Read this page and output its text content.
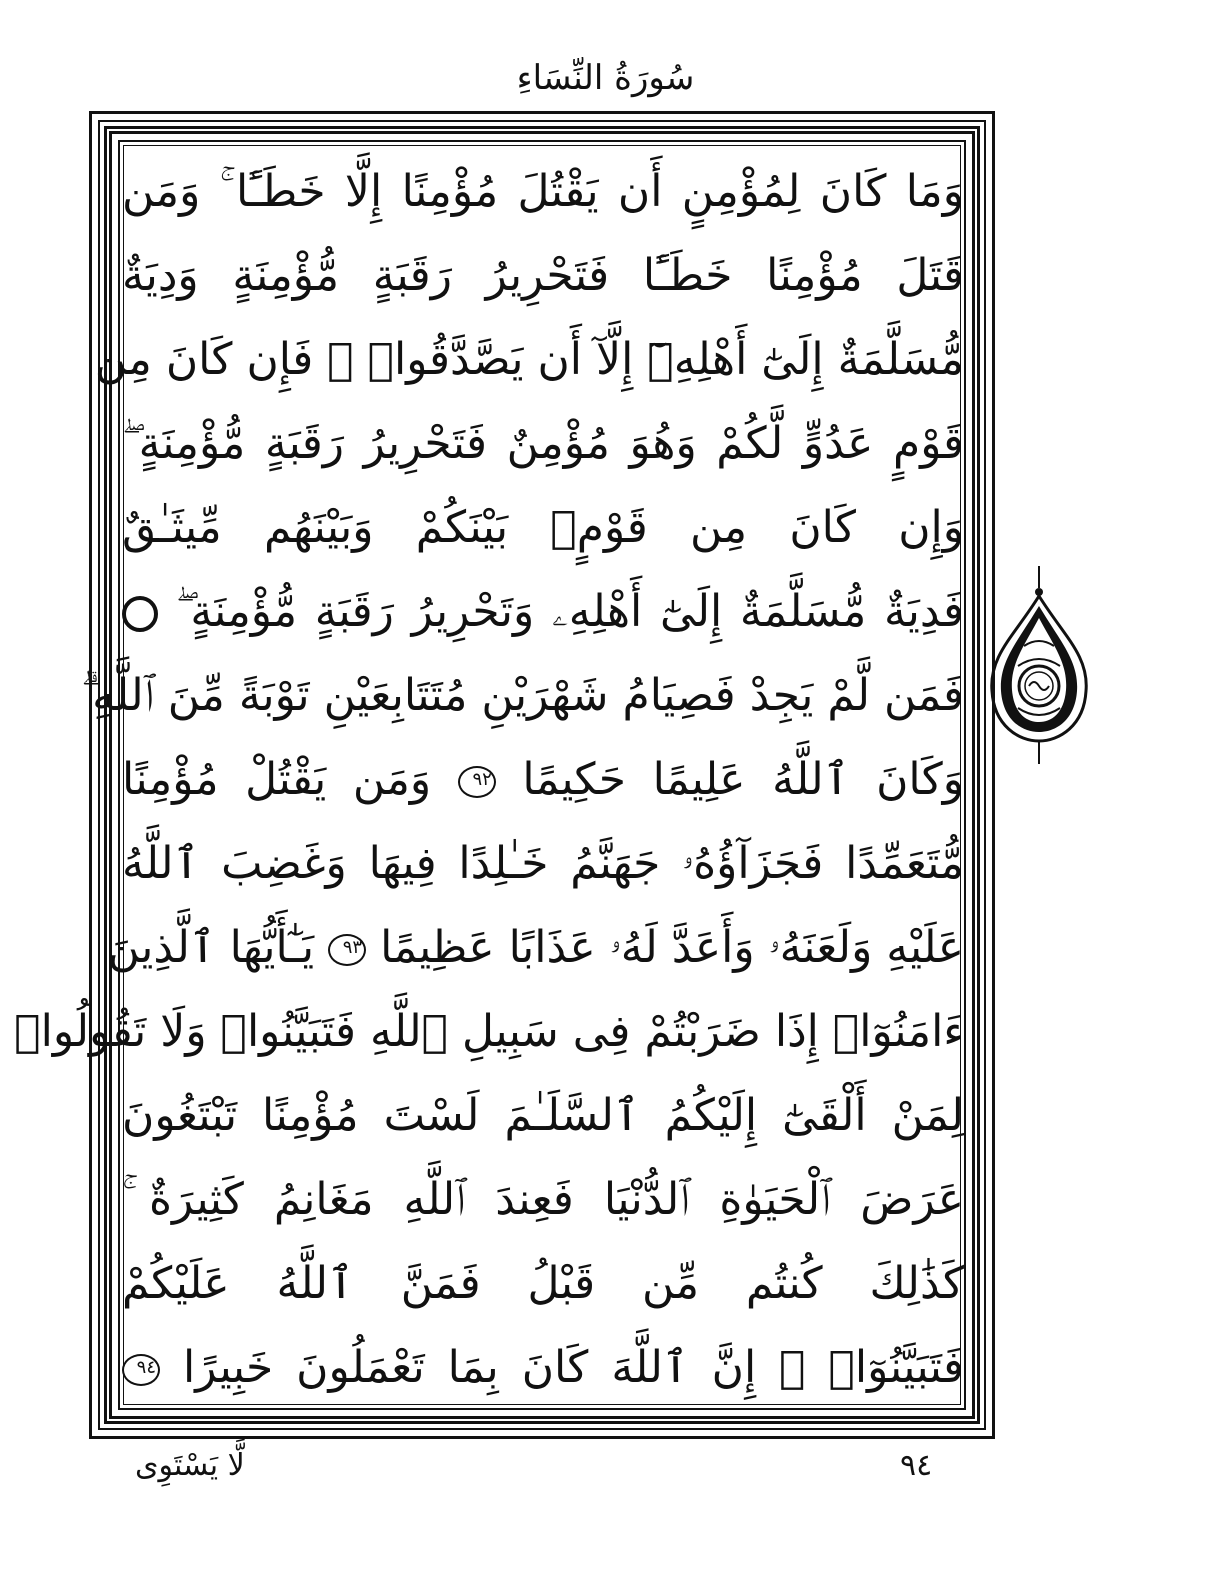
سُورَةُ النِّسَاءِ
وَمَا كَانَ لِمُؤْمِنٍ أَن يَقْتُلَ مُؤْمِنًا إِلَّا خَطَـًٔا ۚ وَمَن
قَتَلَ مُؤْمِنًا خَطَـًٔا فَتَحْرِيرُ رَقَبَةٍ مُّؤْمِنَةٍ وَدِيَةٌ
مُّسَلَّمَةٌ إِلَىٰٓ أَهْلِهِۦٓ إِلَّآ أَن يَصَّدَّقُوا۟ ۚ فَإِن كَانَ مِن
قَوْمٍ عَدُوٍّ لَّكُمْ وَهُوَ مُؤْمِنٌ فَتَحْرِيرُ رَقَبَةٍ مُّؤْمِنَةٍ ۖ
وَإِن كَانَ مِن قَوْمٍۭ بَيْنَكُمْ وَبَيْنَهُم مِّيثَـٰقٌ
فَدِيَةٌ مُّسَلَّمَةٌ إِلَىٰٓ أَهْلِهِۦ وَتَحْرِيرُ رَقَبَةٍ مُّؤْمِنَةٍ ۖ
فَمَن لَّمْ يَجِدْ فَصِيَامُ شَهْرَيْنِ مُتَتَابِعَيْنِ تَوْبَةً مِّنَ ٱللَّهِ ۗ
وَكَانَ ٱللَّهُ عَلِيمًا حَكِيمًا ٩٢ وَمَن يَقْتُلْ مُؤْمِنًا
مُّتَعَمِّدًا فَجَزَآؤُهُۥ جَهَنَّمُ خَـٰلِدًا فِيهَا وَغَضِبَ ٱللَّهُ
عَلَيْهِ وَلَعَنَهُۥ وَأَعَدَّ لَهُۥ عَذَابًا عَظِيمًا ٩٣ يَـٰٓأَيُّهَا ٱلَّذِينَ
ءَامَنُوٓا۟ إِذَا ضَرَبْتُمْ فِى سَبِيلِ ٱللَّهِ فَتَبَيَّنُوا۟ وَلَا تَقُولُوا۟
لِمَنْ أَلْقَىٰٓ إِلَيْكُمُ ٱلسَّلَـٰمَ لَسْتَ مُؤْمِنًا تَبْتَغُونَ
عَرَضَ ٱلْحَيَوٰةِ ٱلدُّنْيَا فَعِندَ ٱللَّهِ مَغَانِمُ كَثِيرَةٌ ۚ
كَذَٰلِكَ كُنتُم مِّن قَبْلُ فَمَنَّ ٱللَّهُ عَلَيْكُمْ
فَتَبَيَّنُوٓا۟ ۚ إِنَّ ٱللَّهَ كَانَ بِمَا تَعْمَلُونَ خَبِيرًا ٩٤
لَّا يَسْتَوِى	٩٤
